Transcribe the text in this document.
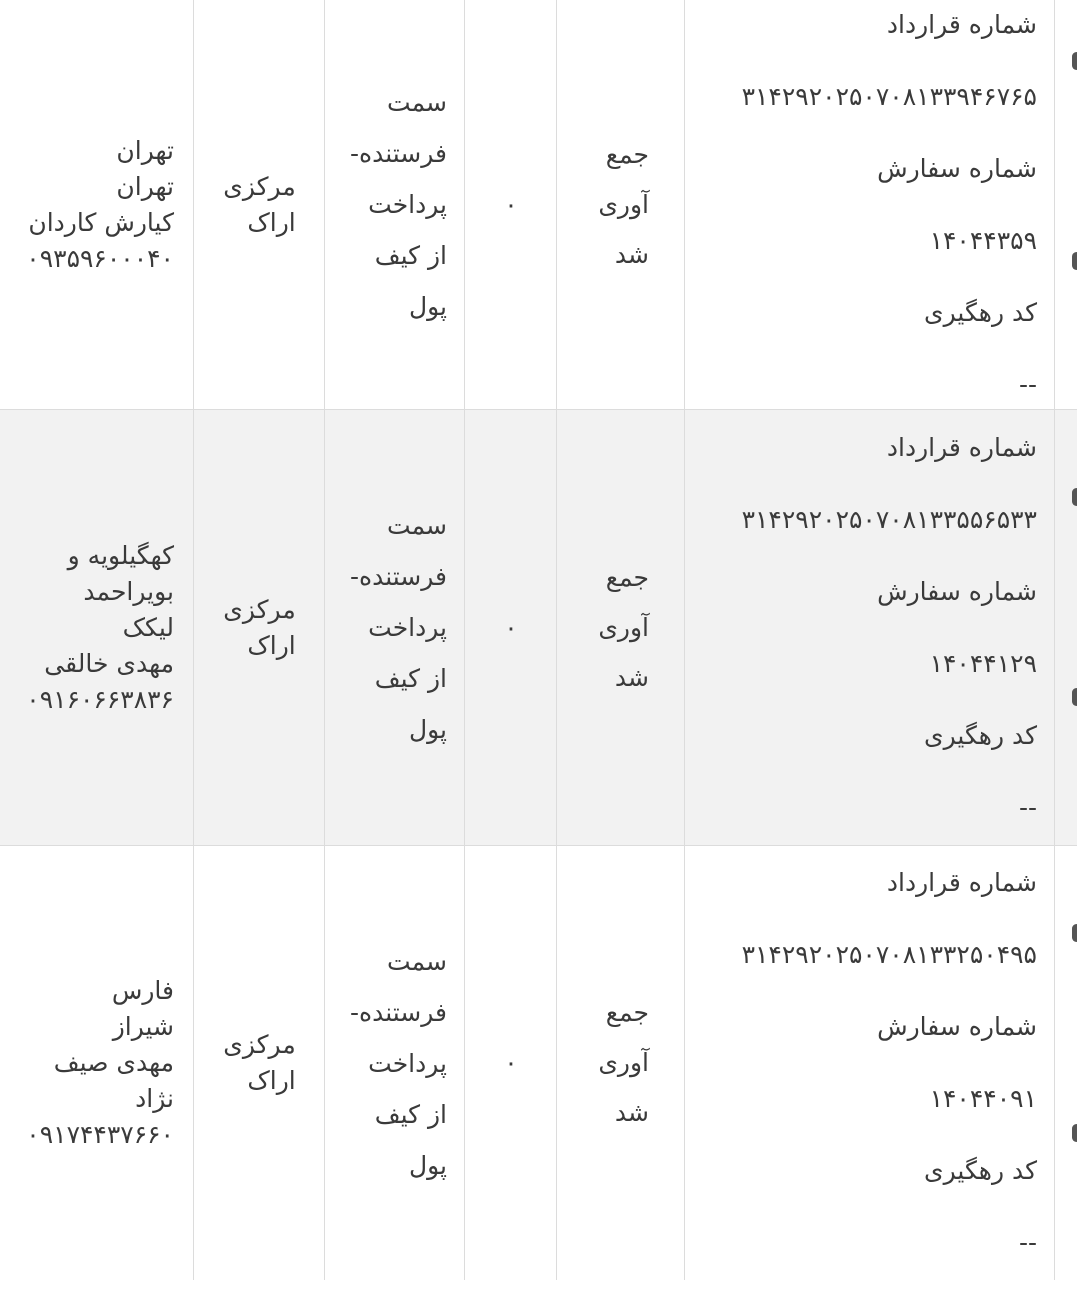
شماره قرارداد

۳۱۴۲۹۲۰۲۵۰۷۰۸۱۳۳۹۴۶۷۶۵

شماره سفارش

۱۴۰۴۴۳۵۹

کد رهگیری

--

جمع
آوری
شد
۰
سمت
فرستنده-
پرداخت
از کیف
پول
مرکزی
اراک
تهران
تهران
کیارش کاردان
۰۹۳۵۹۶۰۰۰۴۰

شماره قرارداد

۳۱۴۲۹۲۰۲۵۰۷۰۸۱۳۳۵۵۶۵۳۳

شماره سفارش

۱۴۰۴۴۱۲۹

کد رهگیری

--

جمع
آوری
شد
۰
سمت
فرستنده-
پرداخت
از کیف
پول
مرکزی
اراک
کهگیلویه و
بویراحمد
لیکک
مهدی خالقی
۰۹۱۶۰۶۶۳۸۳۶

شماره قرارداد

۳۱۴۲۹۲۰۲۵۰۷۰۸۱۳۳۲۵۰۴۹۵

شماره سفارش

۱۴۰۴۴۰۹۱

کد رهگیری

--

جمع
آوری
شد
۰
سمت
فرستنده-
پرداخت
از کیف
پول
مرکزی
اراک
فارس
شیراز
مهدی صیف
نژاد
۰۹۱۷۴۴۳۷۶۶۰
